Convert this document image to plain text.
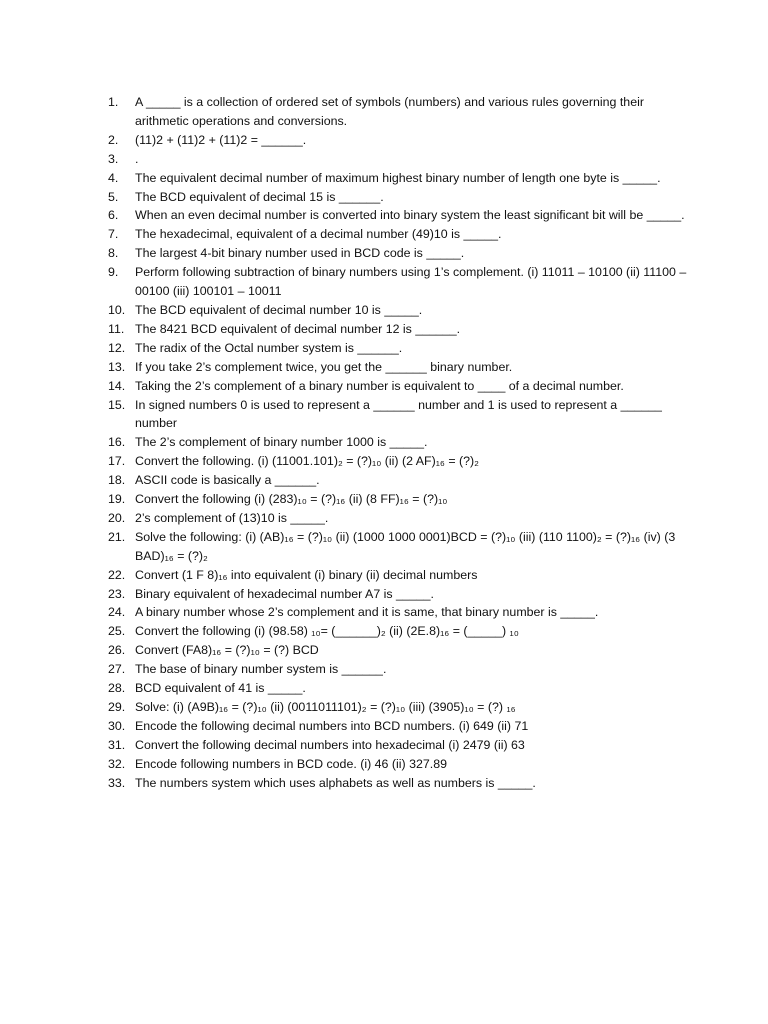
1.	A _____ is a collection of ordered set of symbols (numbers) and various rules governing their arithmetic operations and conversions.
2.	(11)2 + (11)2 + (11)2 = ______.
3.	.
4.	The equivalent decimal number of maximum highest binary number of length one byte is _____.
5.	The BCD equivalent of decimal 15 is ______.
6.	When an even decimal number is converted into binary system the least significant bit will be _____.
7.	The hexadecimal, equivalent of a decimal number (49)10 is _____.
8.	The largest 4-bit binary number used in BCD code is _____.
9.	Perform following subtraction of binary numbers using 1’s complement. (i) 11011 – 10100 (ii) 11100 – 00100 (iii) 100101 – 10011
10. The BCD equivalent of decimal number 10 is _____.
11. The 8421 BCD equivalent of decimal number 12 is ______.
12. The radix of the Octal number system is ______.
13. If you take 2’s complement twice, you get the ______ binary number.
14. Taking the 2’s complement of a binary number is equivalent to ____ of a decimal number.
15. In signed numbers 0 is used to represent a ______ number and 1 is used to represent a ______ number
16. The 2’s complement of binary number 1000 is _____.
17. Convert the following. (i) (11001.101)₂ = (?)₁₀ (ii) (2 AF)₁₆ = (?)₂
18. ASCII code is basically a ______.
19. Convert the following (i) (283)₁₀ = (?)₁₆ (ii) (8 FF)₁₆ = (?)₁₀
20. 2’s complement of (13)10 is _____.
21. Solve the following: (i) (AB)₁₆ = (?)₁₀ (ii) (1000 1000 0001)BCD = (?)₁₀ (iii) (110 1100)₂ = (?)₁₆ (iv) (3 BAD)₁₆ = (?)₂
22. Convert (1 F 8)₁₆ into equivalent (i) binary (ii) decimal numbers
23. Binary equivalent of hexadecimal number A7 is _____.
24. A binary number whose 2’s complement and it is same, that binary number is _____.
25. Convert the following (i) (98.58) ₁₀= (______)₂ (ii) (2E.8)₁₆ = (_____) ₁₀
26. Convert (FA8)₁₆ = (?)₁₀ = (?) BCD
27. The base of binary number system is ______.
28. BCD equivalent of 41 is _____.
29. Solve: (i) (A9B)₁₆ = (?)₁₀ (ii) (0011011101)₂ = (?)₁₀ (iii) (3905)₁₀ = (?) ₁₆
30. Encode the following decimal numbers into BCD numbers. (i) 649 (ii) 71
31. Convert the following decimal numbers into hexadecimal (i) 2479 (ii) 63
32. Encode following numbers in BCD code. (i) 46 (ii) 327.89
33. The numbers system which uses alphabets as well as numbers is _____.
